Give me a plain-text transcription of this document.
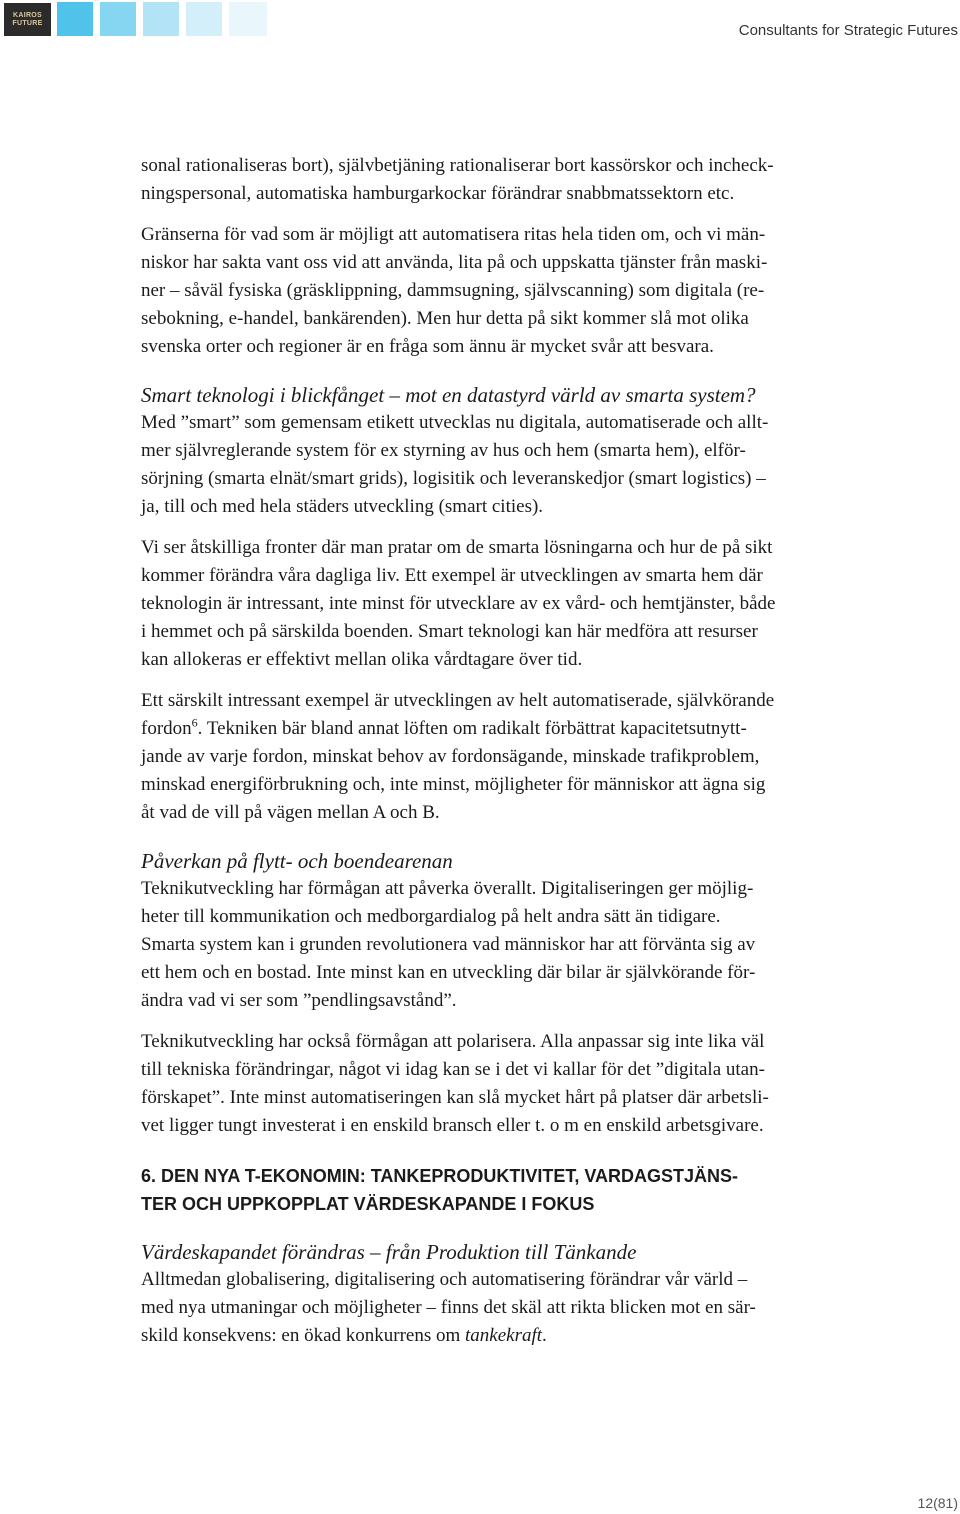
KAIROS
FUTURE	Consultants for Strategic Futures
sonal rationaliseras bort), självbetjäning rationaliserar bort kassörskor och incheck-
ningspersonal, automatiska hamburgarkockar förändrar snabbmatssektorn etc.
Gränserna för vad som är möjligt att automatisera ritas hela tiden om, och vi män-
niskor har sakta vant oss vid att använda, lita på och uppskatta tjänster från maski-
ner – såväl fysiska (gräsklippning, dammsugning, självscanning) som digitala (re-
sebokning, e-handel, bankärenden). Men hur detta på sikt kommer slå mot olika
svenska orter och regioner är en fråga som ännu är mycket svår att besvara.
Smart teknologi i blickfånget – mot en datastyrd värld av smarta system?
Med ”smart” som gemensam etikett utvecklas nu digitala, automatiserade och allt-
mer självreglerande system för ex styrning av hus och hem (smarta hem), elför-
sörjning (smarta elnät/smart grids), logisitik och leveranskedjor (smart logistics) –
ja, till och med hela städers utveckling (smart cities).
Vi ser åtskilliga fronter där man pratar om de smarta lösningarna och hur de på sikt
kommer förändra våra dagliga liv. Ett exempel är utvecklingen av smarta hem där
teknologin är intressant, inte minst för utvecklare av ex vård- och hemtjänster, både
i hemmet och på särskilda boenden. Smart teknologi kan här medföra att resurser
kan allokeras er effektivt mellan olika vårdtagare över tid.
Ett särskilt intressant exempel är utvecklingen av helt automatiserade, självkörande
fordon$^6$. Tekniken bär bland annat löften om radikalt förbättrat kapacitetsutnytt-
jande av varje fordon, minskat behov av fordonsägande, minskade trafikproblem,
minskad energiförbrukning och, inte minst, möjligheter för människor att ägna sig
åt vad de vill på vägen mellan A och B.
Påverkan på flytt- och boendearenan
Teknikutveckling har förmågan att påverka överallt. Digitaliseringen ger möjlig-
heter till kommunikation och medborgardialog på helt andra sätt än tidigare.
Smarta system kan i grunden revolutionera vad människor har att förvänta sig av
ett hem och en bostad. Inte minst kan en utveckling där bilar är självkörande för-
ändra vad vi ser som ”pendlingsavstånd”.
Teknikutveckling har också förmågan att polarisera. Alla anpassar sig inte lika väl
till tekniska förändringar, något vi idag kan se i det vi kallar för det ”digitala utan-
förskapet”. Inte minst automatiseringen kan slå mycket hårt på platser där arbetsli-
vet ligger tungt investerat i en enskild bransch eller t. o m en enskild arbetsgivare.
6. DEN NYA T-EKONOMIN: TANKEPRODUKTIVITET, VARDAGSTJÄNS-
TER OCH UPPKOPPLAT VÄRDESKAPANDE I FOKUS
Värdeskapandet förändras – från Produktion till Tänkande
Alltmedan globalisering, digitalisering och automatisering förändrar vår värld –
med nya utmaningar och möjligheter – finns det skäl att rikta blicken mot en sär-
skild konsekvens: en ökad konkurrens om tankekraft.
12(81)
